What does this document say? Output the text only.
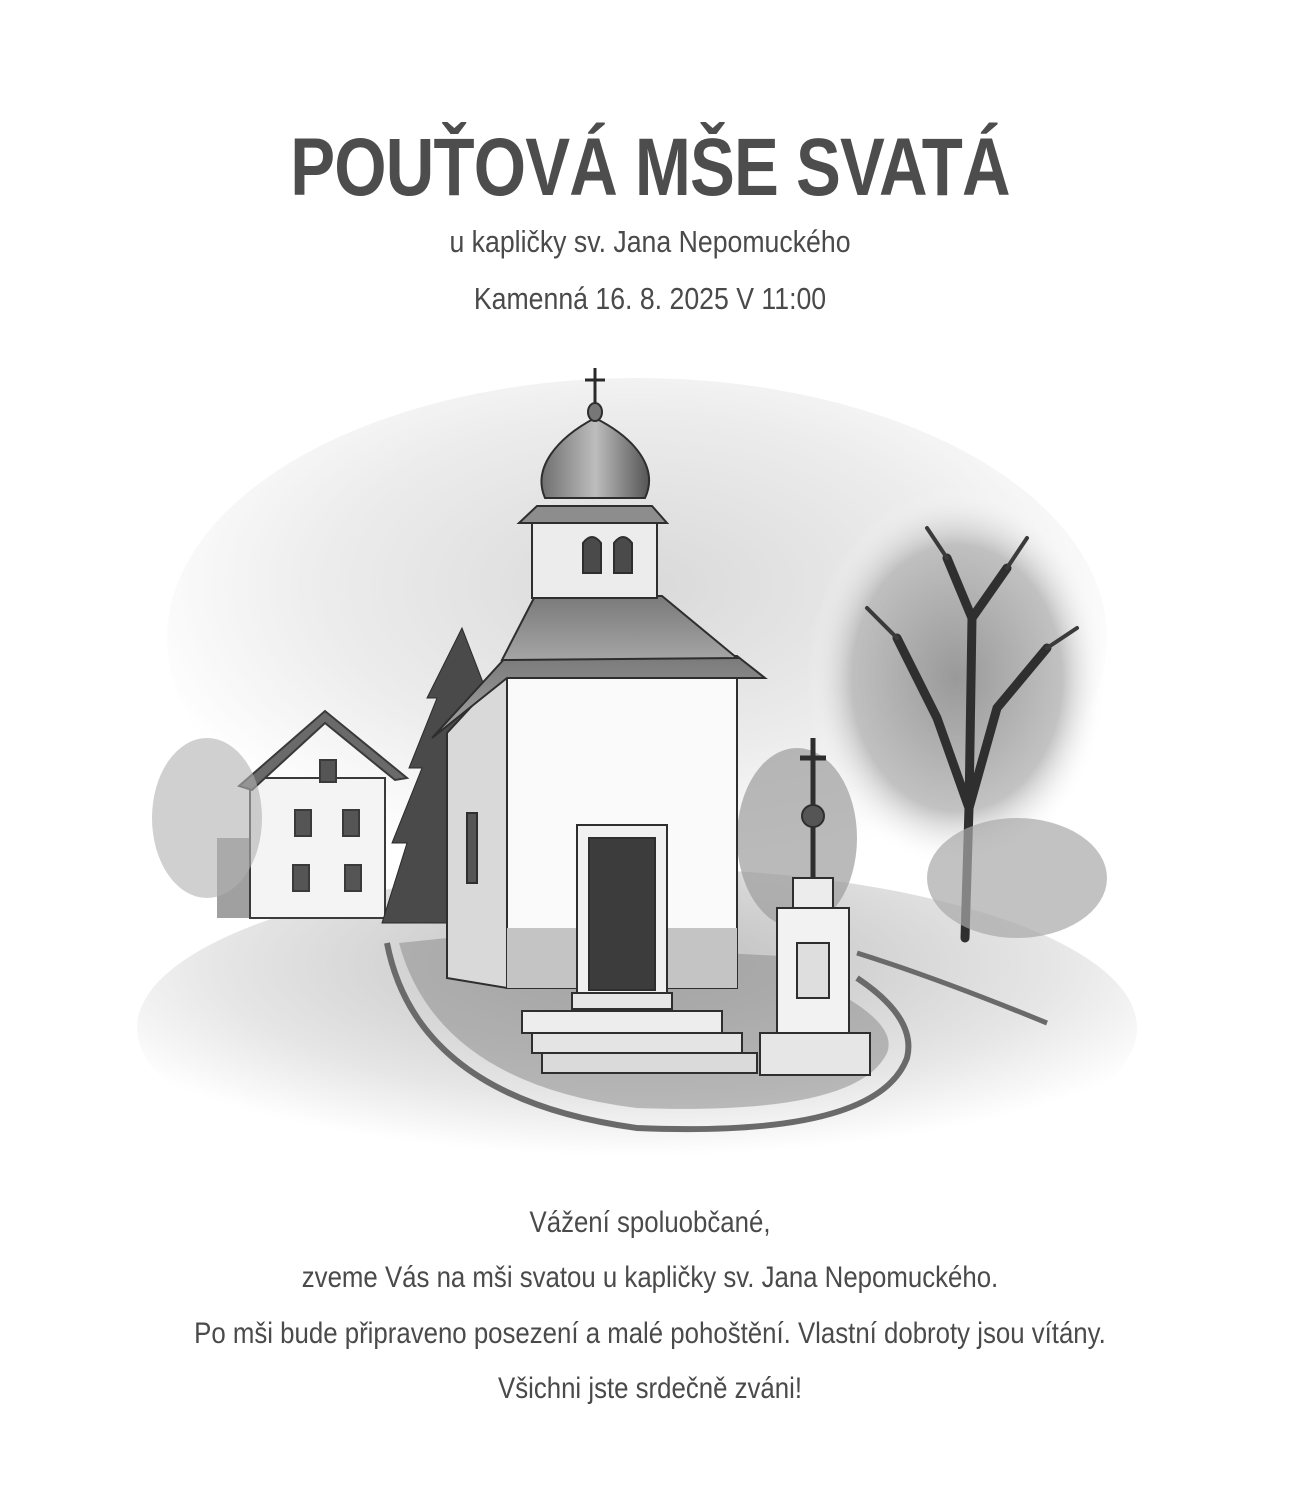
POUŤOVÁ MŠE SVATÁ
u kapličky sv. Jana Nepomuckého
Kamenná 16. 8. 2025 V 11:00
Vážení spoluobčané,
zveme Vás na mši svatou u kapličky sv. Jana Nepomuckého.
Po mši bude připraveno posezení a malé pohoštění. Vlastní dobroty jsou vítány.
Všichni jste srdečně zváni!
